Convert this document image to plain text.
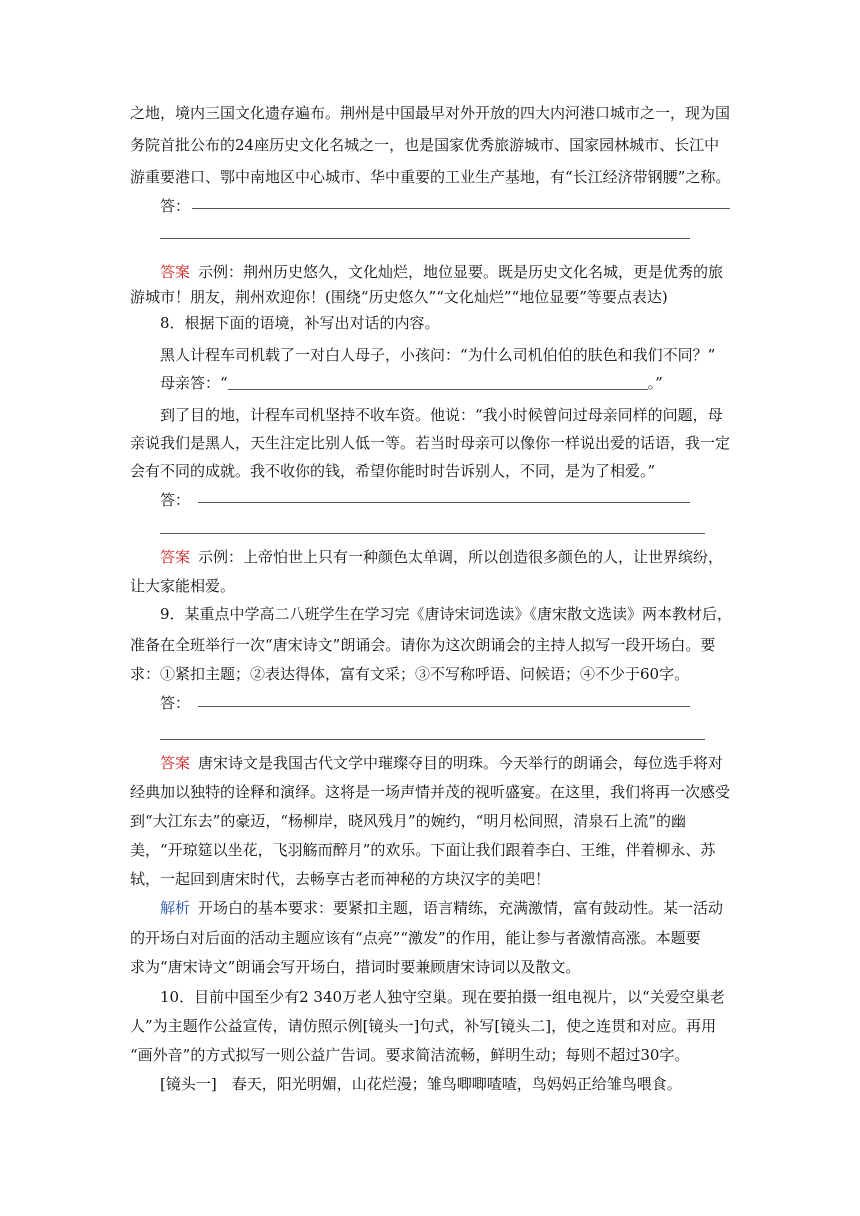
之地，境内三国文化遗存遍布。荆州是中国最早对外开放的四大内河港口城市之一，现为国
务院首批公布的24座历史文化名城之一，也是国家优秀旅游城市、国家园林城市、长江中
游重要港口、鄂中南地区中心城市、华中重要的工业生产基地，有“长江经济带钢腰”之称。
答：
答案 示例：荆州历史悠久，文化灿烂，地位显要。既是历史文化名城，更是优秀的旅
游城市！朋友，荆州欢迎你！(围绕“历史悠久”“文化灿烂”“地位显要”等要点表达)
8．根据下面的语境，补写出对话的内容。
黑人计程车司机载了一对白人母子，小孩问：“为什么司机伯伯的肤色和我们不同？”
母亲答：“	。”
到了目的地，计程车司机坚持不收车资。他说：“我小时候曾问过母亲同样的问题，母
亲说我们是黑人，天生注定比别人低一等。若当时母亲可以像你一样说出爱的话语，我一定
会有不同的成就。我不收你的钱，希望你能时时告诉别人，不同，是为了相爱。”
答：
答案 示例：上帝怕世上只有一种颜色太单调，所以创造很多颜色的人，让世界缤纷，
让大家能相爱。
9．某重点中学高二八班学生在学习完《唐诗宋词选读》《唐宋散文选读》两本教材后，
准备在全班举行一次“唐宋诗文”朗诵会。请你为这次朗诵会的主持人拟写一段开场白。要
求：①紧扣主题；②表达得体，富有文采；③不写称呼语、问候语；④不少于60字。
答：
答案 唐宋诗文是我国古代文学中璀璨夺目的明珠。今天举行的朗诵会，每位选手将对
经典加以独特的诠释和演绎。这将是一场声情并茂的视听盛宴。在这里，我们将再一次感受
到“大江东去”的豪迈，“杨柳岸，晓风残月”的婉约，“明月松间照，清泉石上流”的幽
美，“开琼筵以坐花，飞羽觞而醉月”的欢乐。下面让我们跟着李白、王维，伴着柳永、苏
轼，一起回到唐宋时代，去畅享古老而神秘的方块汉字的美吧！
解析 开场白的基本要求：要紧扣主题，语言精练，充满激情，富有鼓动性。某一活动
的开场白对后面的活动主题应该有“点亮”“激发”的作用，能让参与者激情高涨。本题要
求为“唐宋诗文”朗诵会写开场白，措词时要兼顾唐宋诗词以及散文。
10．目前中国至少有2 340万老人独守空巢。现在要拍摄一组电视片，以“关爱空巢老
人”为主题作公益宣传，请仿照示例[镜头一]句式，补写[镜头二]，使之连贯和对应。再用
“画外音”的方式拟写一则公益广告词。要求简洁流畅，鲜明生动；每则不超过30字。
[镜头一]　春天，阳光明媚，山花烂漫；雏鸟唧唧喳喳，鸟妈妈正给雏鸟喂食。
